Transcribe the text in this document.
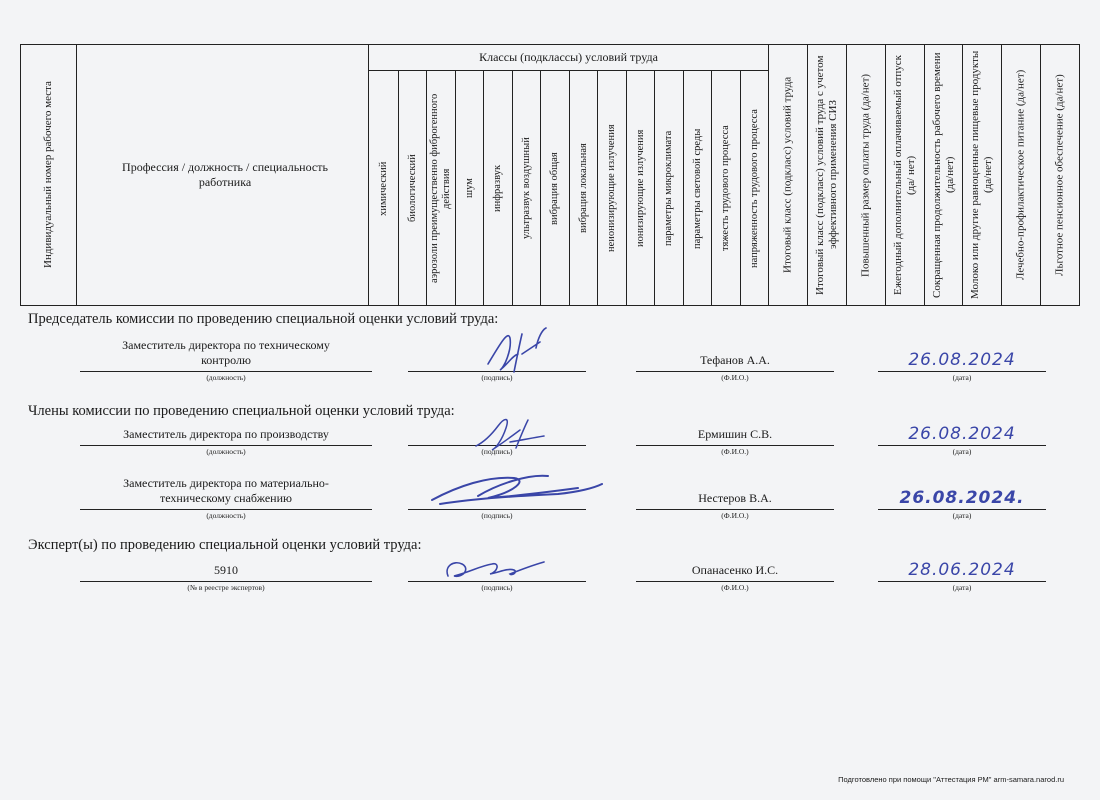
Индивидуальный номер рабочего места	Профессия / должность / специальность работника
Классы (подклассы) условий труда
химический	биологический	аэрозоли преимущественно фиброгенного действия	шум	инфразвук	ультразвук воздушный	вибрация общая	вибрация локальная	неионизирующие излучения	ионизирующие излучения	параметры микроклимата	параметры световой среды	тяжесть трудового процесса	напряженность трудового процесса	Итоговый класс (подкласс) условий труда	Итоговый класс (подкласс) условий труда с учетом эффективного применения СИЗ	Повышенный размер оплаты труда (да/нет)	Ежегодный дополнительный оплачиваемый отпуск (да/ нет)	Сокращенная продолжительность рабочего времени (да/нет)	Молоко или другие равноценные пищевые продукты (да/нет)	Лечебно-профилактическое питание (да/нет)	Льготное пенсионное обеспечение (да/нет)
Председатель комиссии по проведению специальной оценки условий труда:
Заместитель директора по техническому контролю
(должность)	(подпись)
Тефанов А.А.
(Ф.И.О.)
26.08.2024
(дата)
Члены комиссии по проведению специальной оценки условий труда:
Заместитель директора по производству
(должность)	(подпись)
Ермишин С.В.
(Ф.И.О.)
26.08.2024
(дата)
Заместитель директора по материально-техническому снабжению
(должность)	(подпись)
Нестеров В.А.
(Ф.И.О.)
26.08.2024.
(дата)
Эксперт(ы) по проведению специальной оценки условий труда:
5910
(№ в реестре экспертов)	(подпись)
Опанасенко И.С.
(Ф.И.О.)
28.06.2024
(дата)
Подготовлено при помощи "Аттестация РМ" arm-samara.narod.ru
